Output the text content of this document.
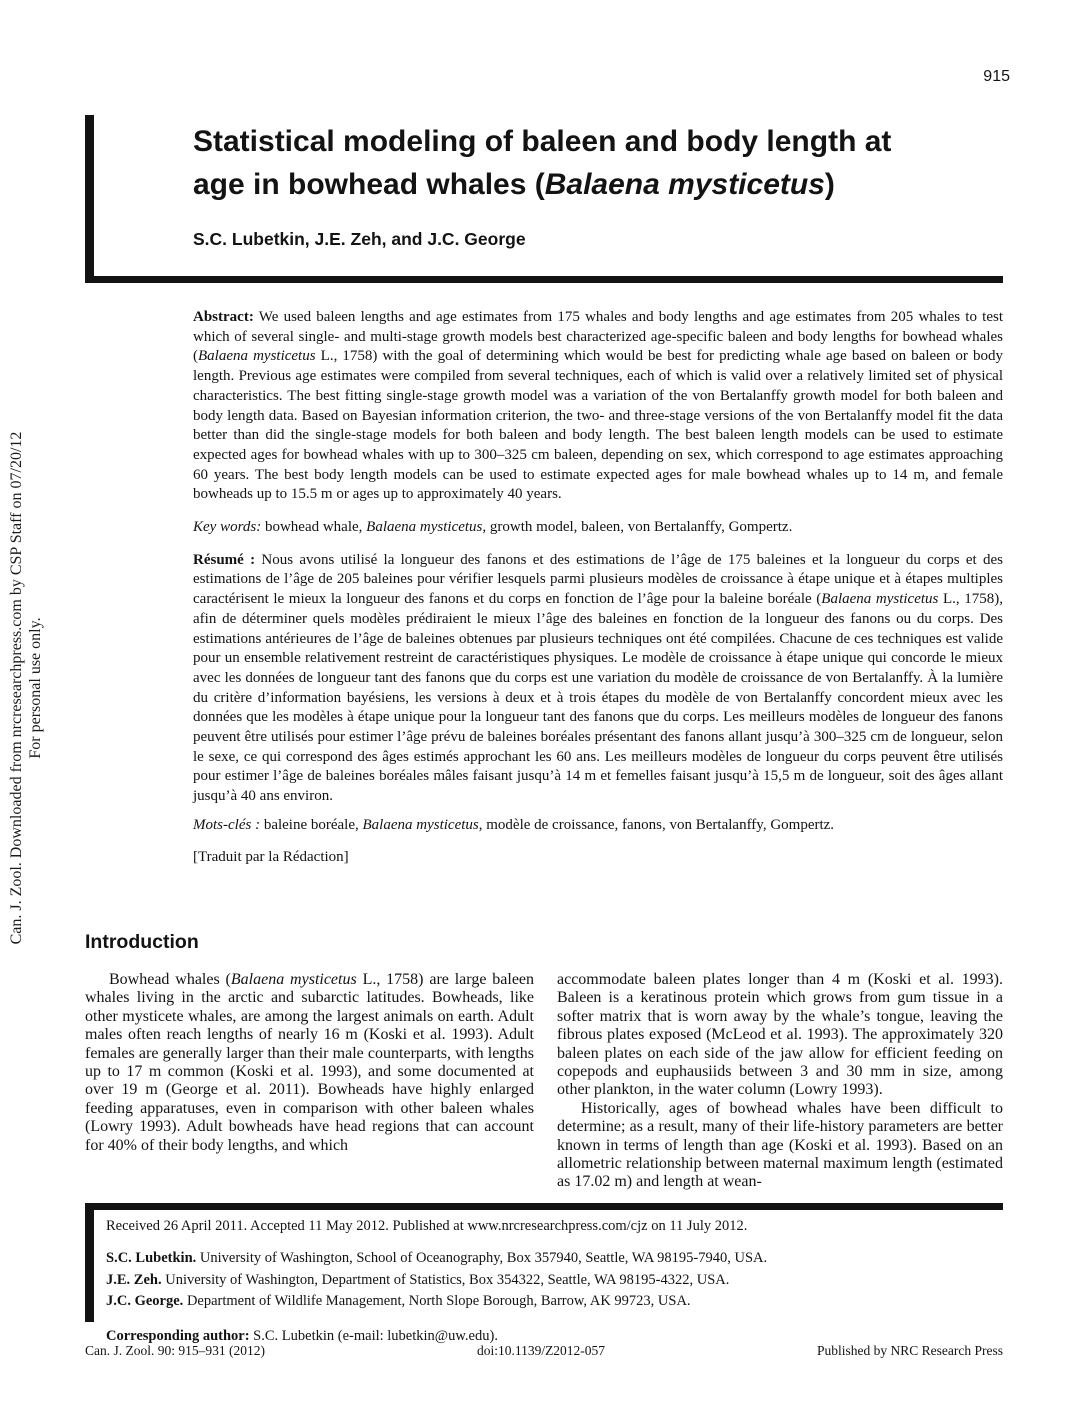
Can. J. Zool. Downloaded from nrcresearchpress.com by CSP Staff on 07/20/12 For personal use only.
915
Statistical modeling of baleen and body length at
age in bowhead whales (Balaena mysticetus)
S.C. Lubetkin, J.E. Zeh, and J.C. George

Abstract: We used baleen lengths and age estimates from 175 whales and body lengths and age estimates from 205 whales to test which of several single- and multi-stage growth models best characterized age-specific baleen and body lengths for bowhead whales (Balaena mysticetus L., 1758) with the goal of determining which would be best for predicting whale age based on baleen or body length. Previous age estimates were compiled from several techniques, each of which is valid over a relatively limited set of physical characteristics. The best fitting single-stage growth model was a variation of the von Bertalanffy growth model for both baleen and body length data. Based on Bayesian information criterion, the two- and three-stage versions of the von Bertalanffy model fit the data better than did the single-stage models for both baleen and body length. The best baleen length models can be used to estimate expected ages for bowhead whales with up to 300–325 cm baleen, depending on sex, which correspond to age estimates approaching 60 years. The best body length models can be used to estimate expected ages for male bowhead whales up to 14 m, and female bowheads up to 15.5 m or ages up to approximately 40 years.

Key words: bowhead whale, Balaena mysticetus, growth model, baleen, von Bertalanffy, Gompertz.

Résumé : Nous avons utilisé la longueur des fanons et des estimations de l’âge de 175 baleines et la longueur du corps et des estimations de l’âge de 205 baleines pour vérifier lesquels parmi plusieurs modèles de croissance à étape unique et à étapes multiples caractérisent le mieux la longueur des fanons et du corps en fonction de l’âge pour la baleine boréale (Balaena mysticetus L., 1758), afin de déterminer quels modèles prédiraient le mieux l’âge des baleines en fonction de la longueur des fanons ou du corps. Des estimations antérieures de l’âge de baleines obtenues par plusieurs techniques ont été compilées. Chacune de ces techniques est valide pour un ensemble relativement restreint de caractéristiques physiques. Le modèle de croissance à étape unique qui concorde le mieux avec les données de longueur tant des fanons que du corps est une variation du modèle de croissance de von Bertalanffy. À la lumière du critère d’information bayésiens, les versions à deux et à trois étapes du modèle de von Bertalanffy concordent mieux avec les données que les modèles à étape unique pour la longueur tant des fanons que du corps. Les meilleurs modèles de longueur des fanons peuvent être utilisés pour estimer l’âge prévu de baleines boréales présentant des fanons allant jusqu’à 300–325 cm de longueur, selon le sexe, ce qui correspond des âges estimés approchant les 60 ans. Les meilleurs modèles de longueur du corps peuvent être utilisés pour estimer l’âge de baleines boréales mâles faisant jusqu’à 14 m et femelles faisant jusqu’à 15,5 m de longueur, soit des âges allant jusqu’à 40 ans environ.

Mots-clés : baleine boréale, Balaena mysticetus, modèle de croissance, fanons, von Bertalanffy, Gompertz.

[Traduit par la Rédaction]

Introduction

Bowhead whales (Balaena mysticetus L., 1758) are large baleen whales living in the arctic and subarctic latitudes. Bowheads, like other mysticete whales, are among the largest animals on earth. Adult males often reach lengths of nearly 16 m (Koski et al. 1993). Adult females are generally larger than their male counterparts, with lengths up to 17 m common (Koski et al. 1993), and some documented at over 19 m (George et al. 2011). Bowheads have highly enlarged feeding apparatuses, even in comparison with other baleen whales (Lowry 1993). Adult bowheads have head regions that can account for 40% of their body lengths, and which

accommodate baleen plates longer than 4 m (Koski et al. 1993). Baleen is a keratinous protein which grows from gum tissue in a softer matrix that is worn away by the whale’s tongue, leaving the fibrous plates exposed (McLeod et al. 1993). The approximately 320 baleen plates on each side of the jaw allow for efficient feeding on copepods and euphausiids between 3 and 30 mm in size, among other plankton, in the water column (Lowry 1993).

Historically, ages of bowhead whales have been difficult to determine; as a result, many of their life-history parameters are better known in terms of length than age (Koski et al. 1993). Based on an allometric relationship between maternal maximum length (estimated as 17.02 m) and length at wean-

Received 26 April 2011. Accepted 11 May 2012. Published at www.nrcresearchpress.com/cjz on 11 July 2012.

S.C. Lubetkin. University of Washington, School of Oceanography, Box 357940, Seattle, WA 98195-7940, USA.
J.E. Zeh. University of Washington, Department of Statistics, Box 354322, Seattle, WA 98195-4322, USA.
J.C. George. Department of Wildlife Management, North Slope Borough, Barrow, AK 99723, USA.

Corresponding author: S.C. Lubetkin (e-mail: lubetkin@uw.edu).

Can. J. Zool. 90: 915–931 (2012)	doi:10.1139/Z2012-057	Published by NRC Research Press
